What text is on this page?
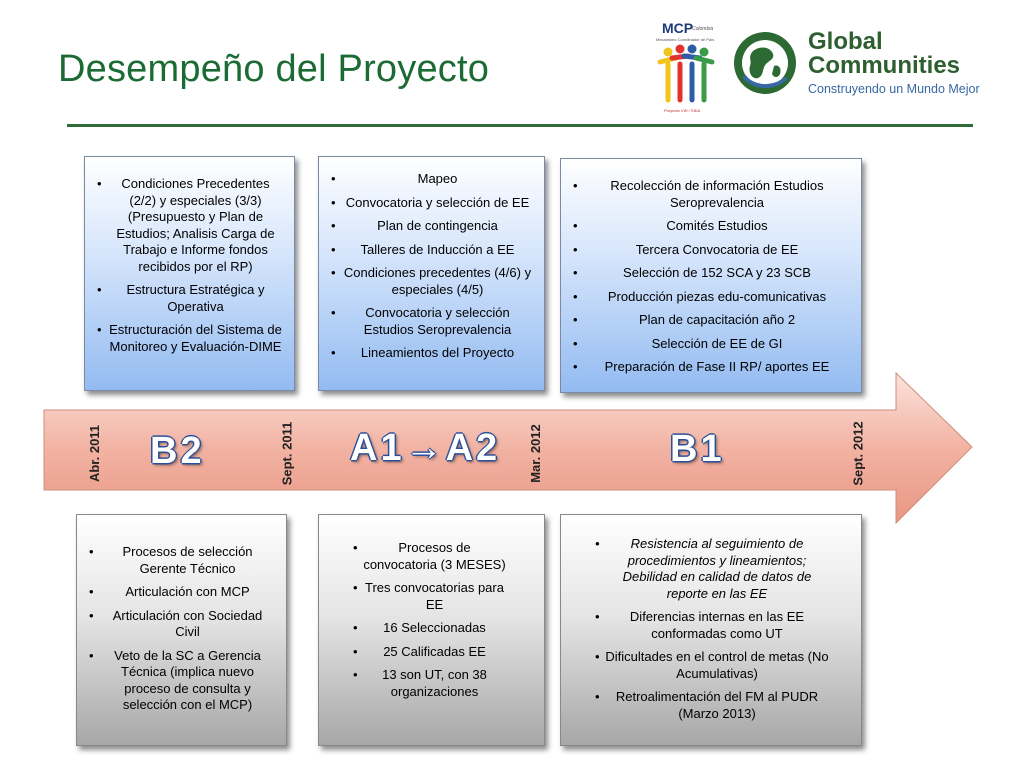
Desempeño del Proyecto
MCP
Colombia
Mecanismo Coordinador de País
Proyecto VIH / SIDA
Global
Communities
Construyendo un Mundo Mejor
Abr. 2011	Sept. 2011	Mar. 2012	Sept. 2012
B2	A1→A2	B1
• Condiciones Precedentes (2/2) y especiales (3/3) (Presupuesto y Plan de Estudios; Analisis Carga de Trabajo e Informe fondos recibidos por el RP)
• Estructura Estratégica y Operativa
• Estructuración del Sistema de Monitoreo y Evaluación-DIME
• Mapeo
• Convocatoria y selección de EE
• Plan de contingencia
• Talleres de Inducción a EE
• Condiciones precedentes (4/6) y especiales (4/5)
• Convocatoria y selección Estudios Seroprevalencia
• Lineamientos del Proyecto
• Recolección de información Estudios Seroprevalencia
• Comités Estudios
• Tercera Convocatoria de EE
• Selección de 152 SCA y 23 SCB
• Producción piezas edu-comunicativas
• Plan de capacitación año 2
• Selección de EE de GI
• Preparación de Fase II RP/ aportes EE
• Procesos de selección Gerente Técnico
• Articulación con MCP
• Articulación con Sociedad Civil
• Veto de la SC a Gerencia Técnica (implica nuevo proceso de consulta y selección con el MCP)
• Procesos de convocatoria (3 MESES)
• Tres convocatorias para EE
• 16 Seleccionadas
• 25 Calificadas EE
• 13 son UT, con 38 organizaciones
• Resistencia al seguimiento de procedimientos y lineamientos; Debilidad en calidad de datos de reporte en las EE
• Diferencias internas en las EE conformadas como UT
• Dificultades en el control de metas (No Acumulativas)
• Retroalimentación del FM al PUDR (Marzo 2013)
